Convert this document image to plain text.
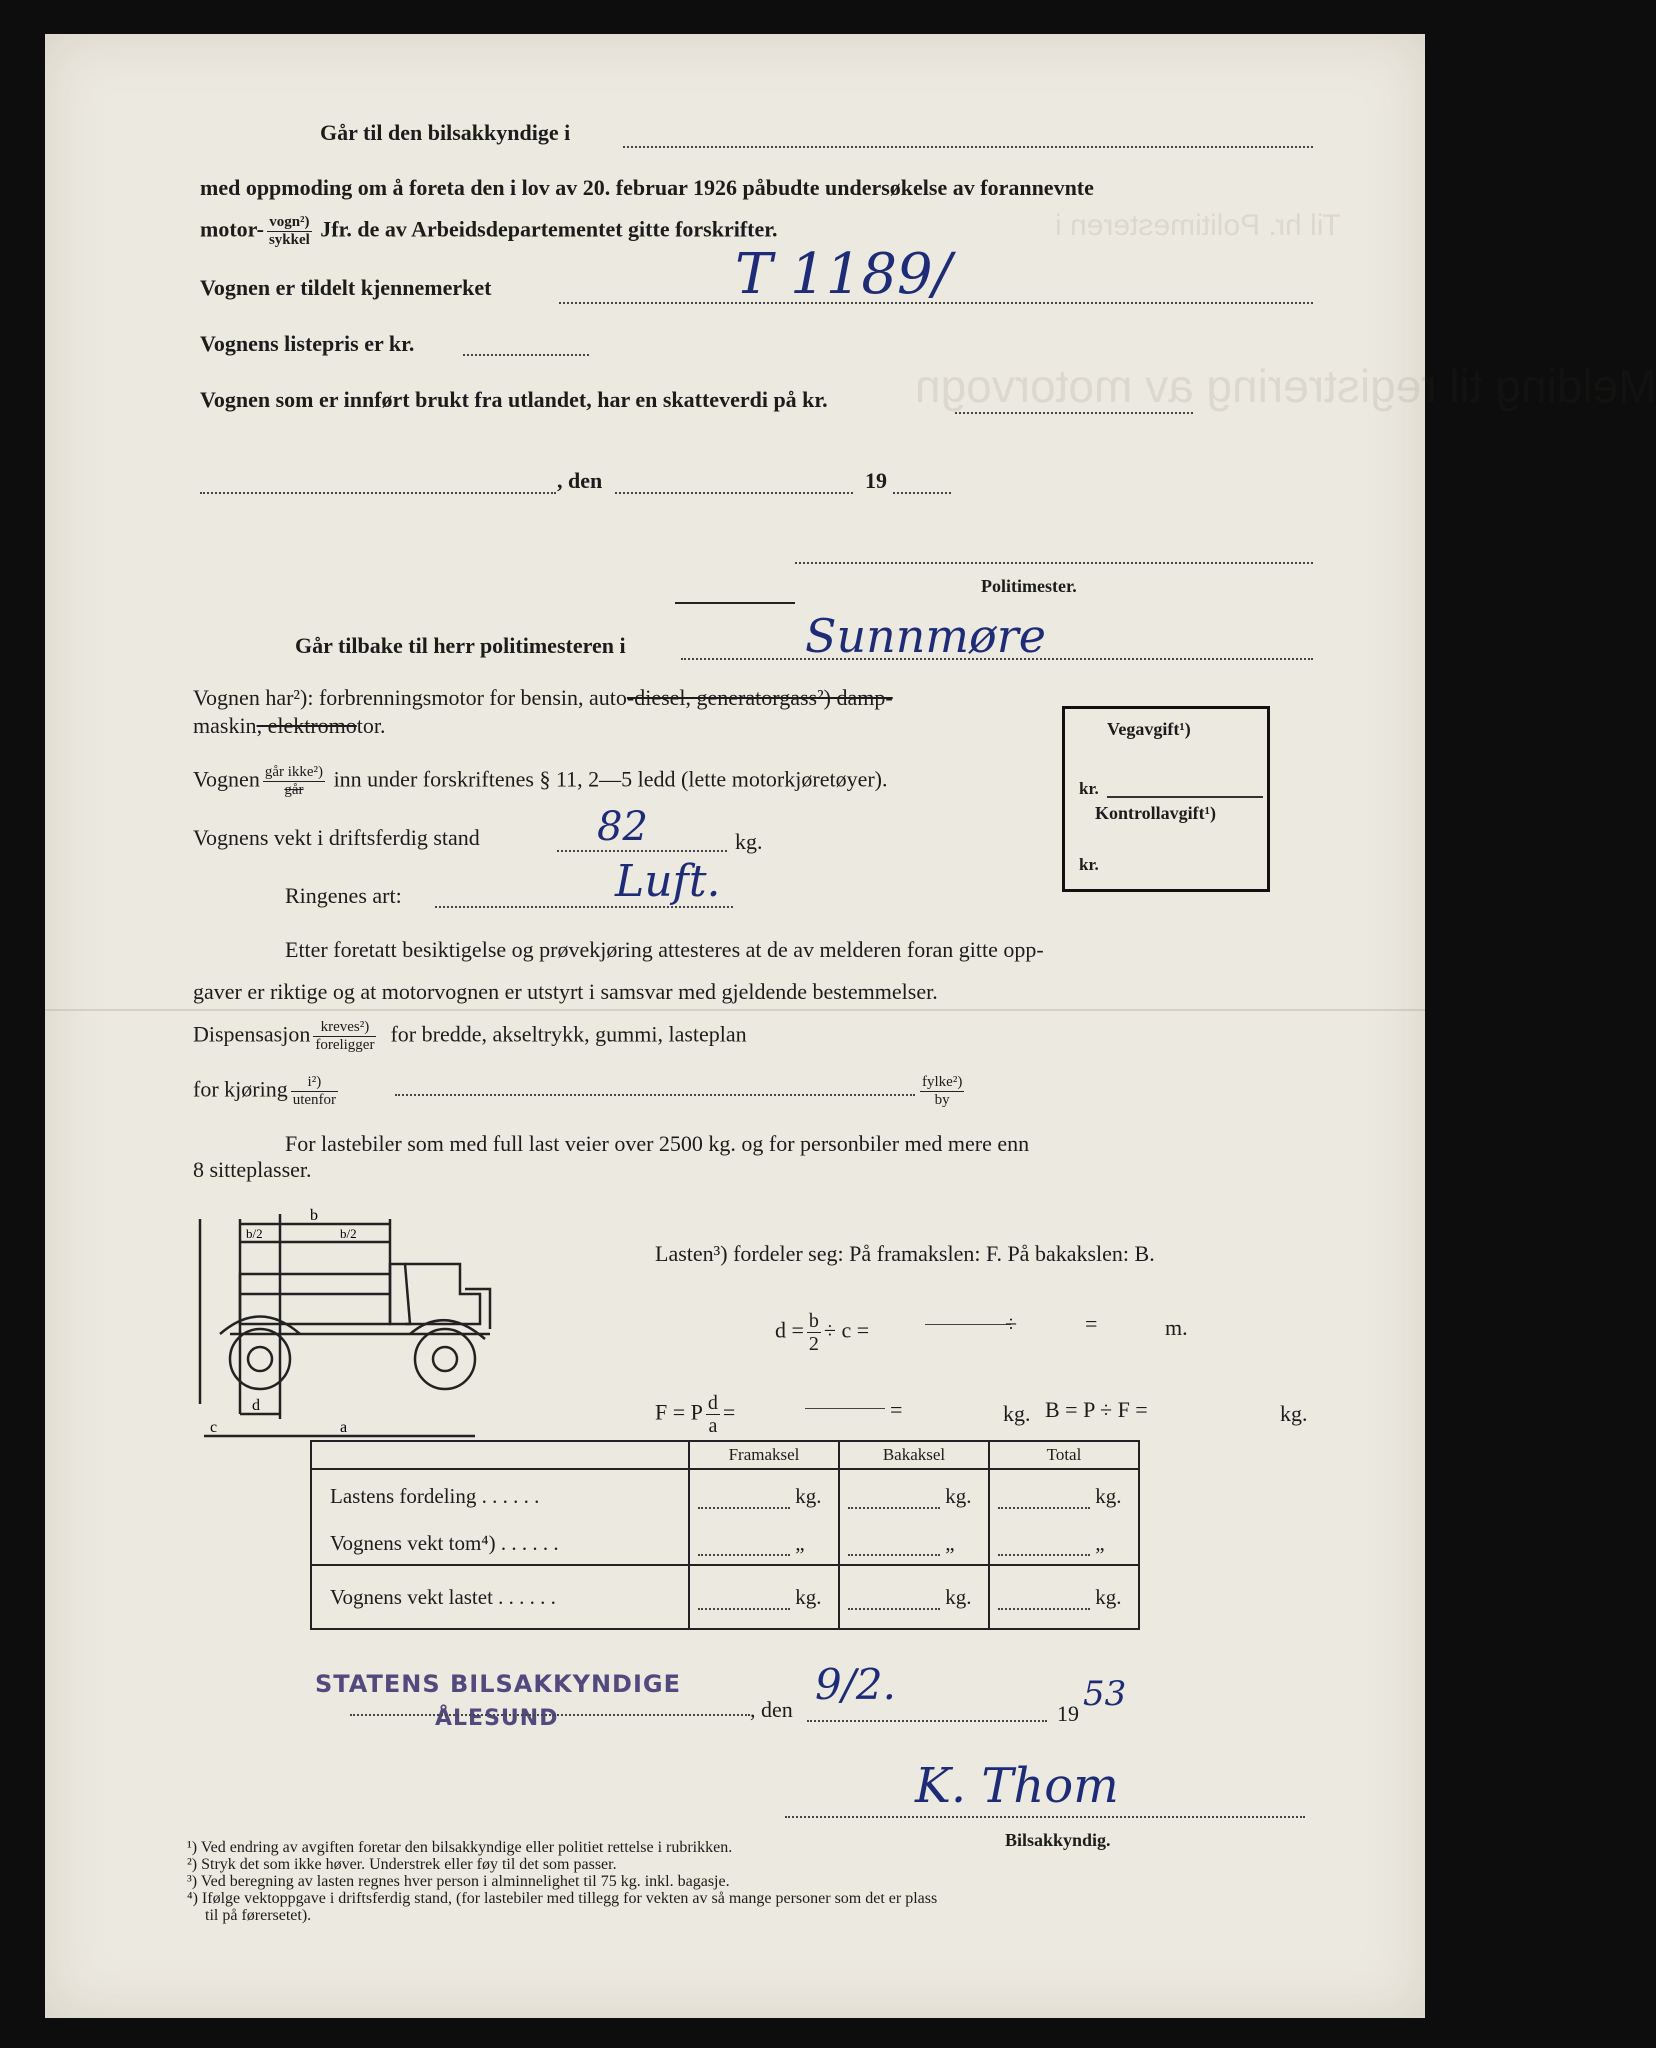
Til hr. Politimesteren i
Melding til registrering av motorvogn
Går til den bilsakkyndige i
med oppmoding om å foreta den i lov av 20. februar 1926 påbudte undersøkelse av forannevnte
motor- $\frac{\text{vogn²)}}{\text{sykkel}}$ Jfr. de av Arbeidsdepartementet gitte forskrifter.
Vognen er tildelt kjennemerket	T 1189/
Vognens listepris er kr.
Vognen som er innført brukt fra utlandet, har en skatteverdi på kr.
, den	19
Politimester.
Går tilbake til herr politimesteren i	Sunnmøre
Vognen har²): forbrenningsmotor for bensin, auto-diesel, generatorgass²) damp-
maskin, elektromotor.
Vognen $\frac{\text{går ikke²)}}{\text{går}}$ inn under forskriftenes § 11, 2—5 ledd (lette motorkjøretøyer).
Vognens vekt i driftsferdig stand	82	kg.
Ringenes art:	Luft.
Etter foretatt besiktigelse og prøvekjøring attesteres at de av melderen foran gitte opp-
gaver er riktige og at motorvognen er utstyrt i samsvar med gjeldende bestemmelser.
Dispensasjon $\frac{\text{kreves²)}}{\text{foreligger}}$ for bredde, akseltrykk, gummi, lasteplan
for kjøring $\frac{\text{i²)}}{\text{utenfor}}$	$\frac{\text{fylke²)}}{by}$
For lastebiler som med full last veier over 2500 kg. og for personbiler med mere enn
8 sitteplasser.
Vegavgift¹)
kr.
Kontrollavgift¹)
kr.
b
b/2	b/2
d
c	a
Lasten³) fordeler seg: På framakslen: F. På bakakslen: B.
$d = \frac{b}{2} \div c$ =	÷	=	m.
F = P $\frac{d}{a}$ =	=	kg. B = P ÷ F =	kg.
	Framaksel	Bakaksel	Total
Lastens fordeling . . . . . .	kg.	kg.	kg.
Vognens vekt tom⁴) . . . . . .	„	„	„
Vognens vekt lastet . . . . . .	kg.	kg.	kg.
STATENS BILSAKKYNDIGE
ÅLESUND	, den
9/2.
19 53
K. Thom
Bilsakkyndig.
¹) Ved endring av avgiften foretar den bilsakkyndige eller politiet rettelse i rubrikken.
²) Stryk det som ikke høver. Understrek eller føy til det som passer.
³) Ved beregning av lasten regnes hver person i alminnelighet til 75 kg. inkl. bagasje.
⁴) Ifølge vektoppgave i driftsferdig stand, (for lastebiler med tillegg for vekten av så mange personer som det er plass
til på førersetet).
